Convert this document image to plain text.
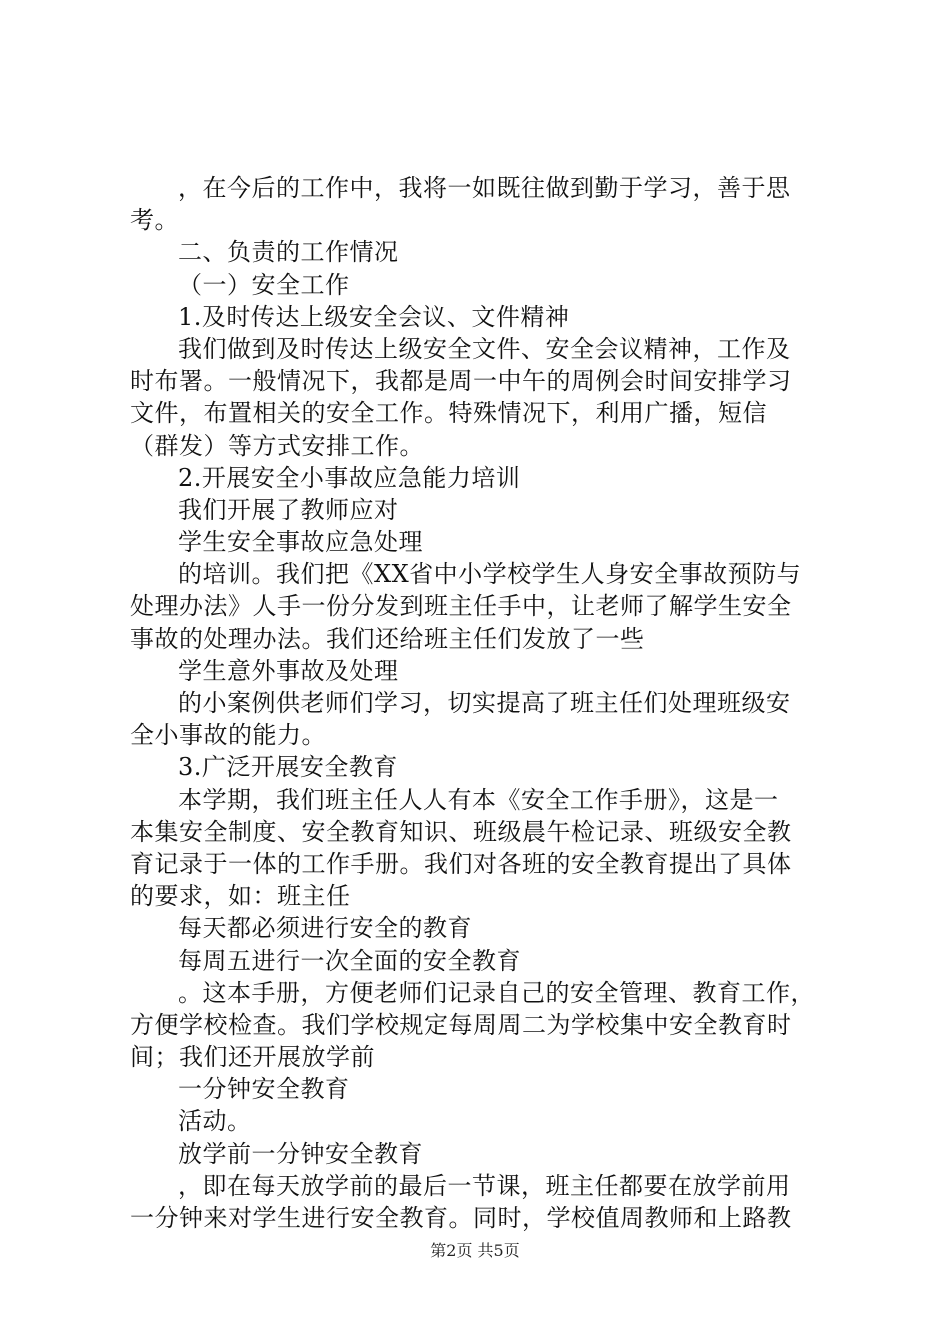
，在今后的工作中，我将一如既往做到勤于学习，善于思
考。
二、负责的工作情况
（一）安全工作
1.及时传达上级安全会议、文件精神
我们做到及时传达上级安全文件、安全会议精神，工作及
时布署。一般情况下，我都是周一中午的周例会时间安排学习
文件，布置相关的安全工作。特殊情况下，利用广播，短信
（群发）等方式安排工作。
2.开展安全小事故应急能力培训
我们开展了教师应对
学生安全事故应急处理
的培训。我们把《XX省中小学校学生人身安全事故预防与
处理办法》人手一份分发到班主任手中，让老师了解学生安全
事故的处理办法。我们还给班主任们发放了一些
学生意外事故及处理
的小案例供老师们学习，切实提高了班主任们处理班级安
全小事故的能力。
3.广泛开展安全教育
本学期，我们班主任人人有本《安全工作手册》，这是一
本集安全制度、安全教育知识、班级晨午检记录、班级安全教
育记录于一体的工作手册。我们对各班的安全教育提出了具体
的要求，如：班主任
每天都必须进行安全的教育
每周五进行一次全面的安全教育
。这本手册，方便老师们记录自己的安全管理、教育工作，
方便学校检查。我们学校规定每周周二为学校集中安全教育时
间；我们还开展放学前
一分钟安全教育
活动。
放学前一分钟安全教育
，即在每天放学前的最后一节课，班主任都要在放学前用
一分钟来对学生进行安全教育。同时，学校值周教师和上路教
第2页 共5页
